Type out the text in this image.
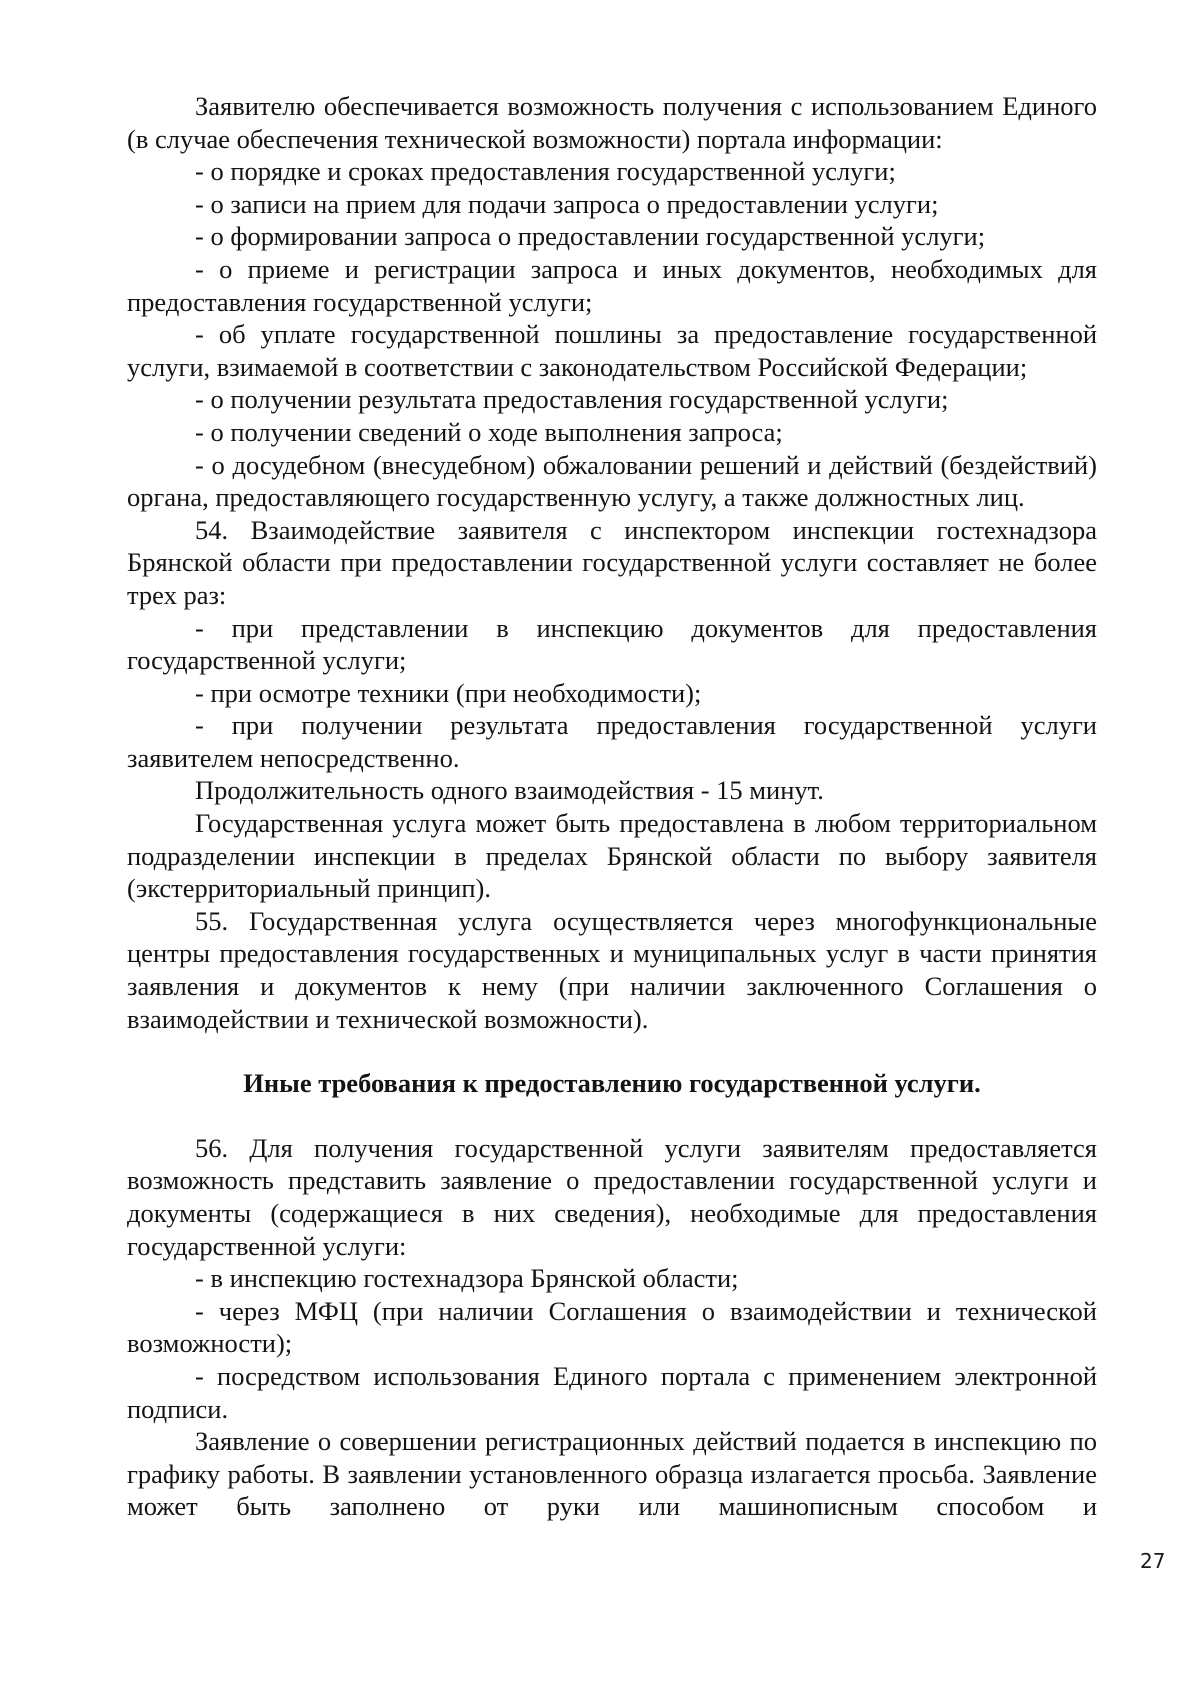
Заявителю обеспечивается возможность получения с использованием Единого (в случае обеспечения технической возможности) портала информации:

- о порядке и сроках предоставления государственной услуги;

- о записи на прием для подачи запроса о предоставлении услуги;

- о формировании запроса о предоставлении государственной услуги;

- о приеме и регистрации запроса и иных документов, необходимых для предоставления государственной услуги;

- об уплате государственной пошлины за предоставление государственной услуги, взимаемой в соответствии с законодательством Российской Федерации;

- о получении результата предоставления государственной услуги;

- о получении сведений о ходе выполнения запроса;

- о досудебном (внесудебном) обжаловании решений и действий (бездействий) органа, предоставляющего государственную услугу, а также должностных лиц.

54. Взаимодействие заявителя с инспектором инспекции гостехнадзора Брянской области при предоставлении государственной услуги составляет не более трех раз:

- при представлении в инспекцию документов для предоставления государственной услуги;

- при осмотре техники (при необходимости);

- при получении результата предоставления государственной услуги заявителем непосредственно.

Продолжительность одного взаимодействия - 15 минут.

Государственная услуга может быть предоставлена в любом территориальном подразделении инспекции в пределах Брянской области по выбору заявителя (экстерриториальный принцип).

55. Государственная услуга осуществляется через многофункциональные центры предоставления государственных и муниципальных услуг в части принятия заявления и документов к нему (при наличии заключенного Соглашения о взаимодействии и технической возможности).

Иные требования к предоставлению государственной услуги.

56. Для получения государственной услуги заявителям предоставляется возможность представить заявление о предоставлении государственной услуги и документы (содержащиеся в них сведения), необходимые для предоставления государственной услуги:

- в инспекцию гостехнадзора Брянской области;

- через МФЦ (при наличии Соглашения о взаимодействии и технической возможности);

- посредством использования Единого портала с применением электронной подписи.

Заявление о совершении регистрационных действий подается в инспекцию по графику работы. В заявлении установленного образца излагается просьба. Заявление может быть заполнено от руки или машинописным способом и

27
